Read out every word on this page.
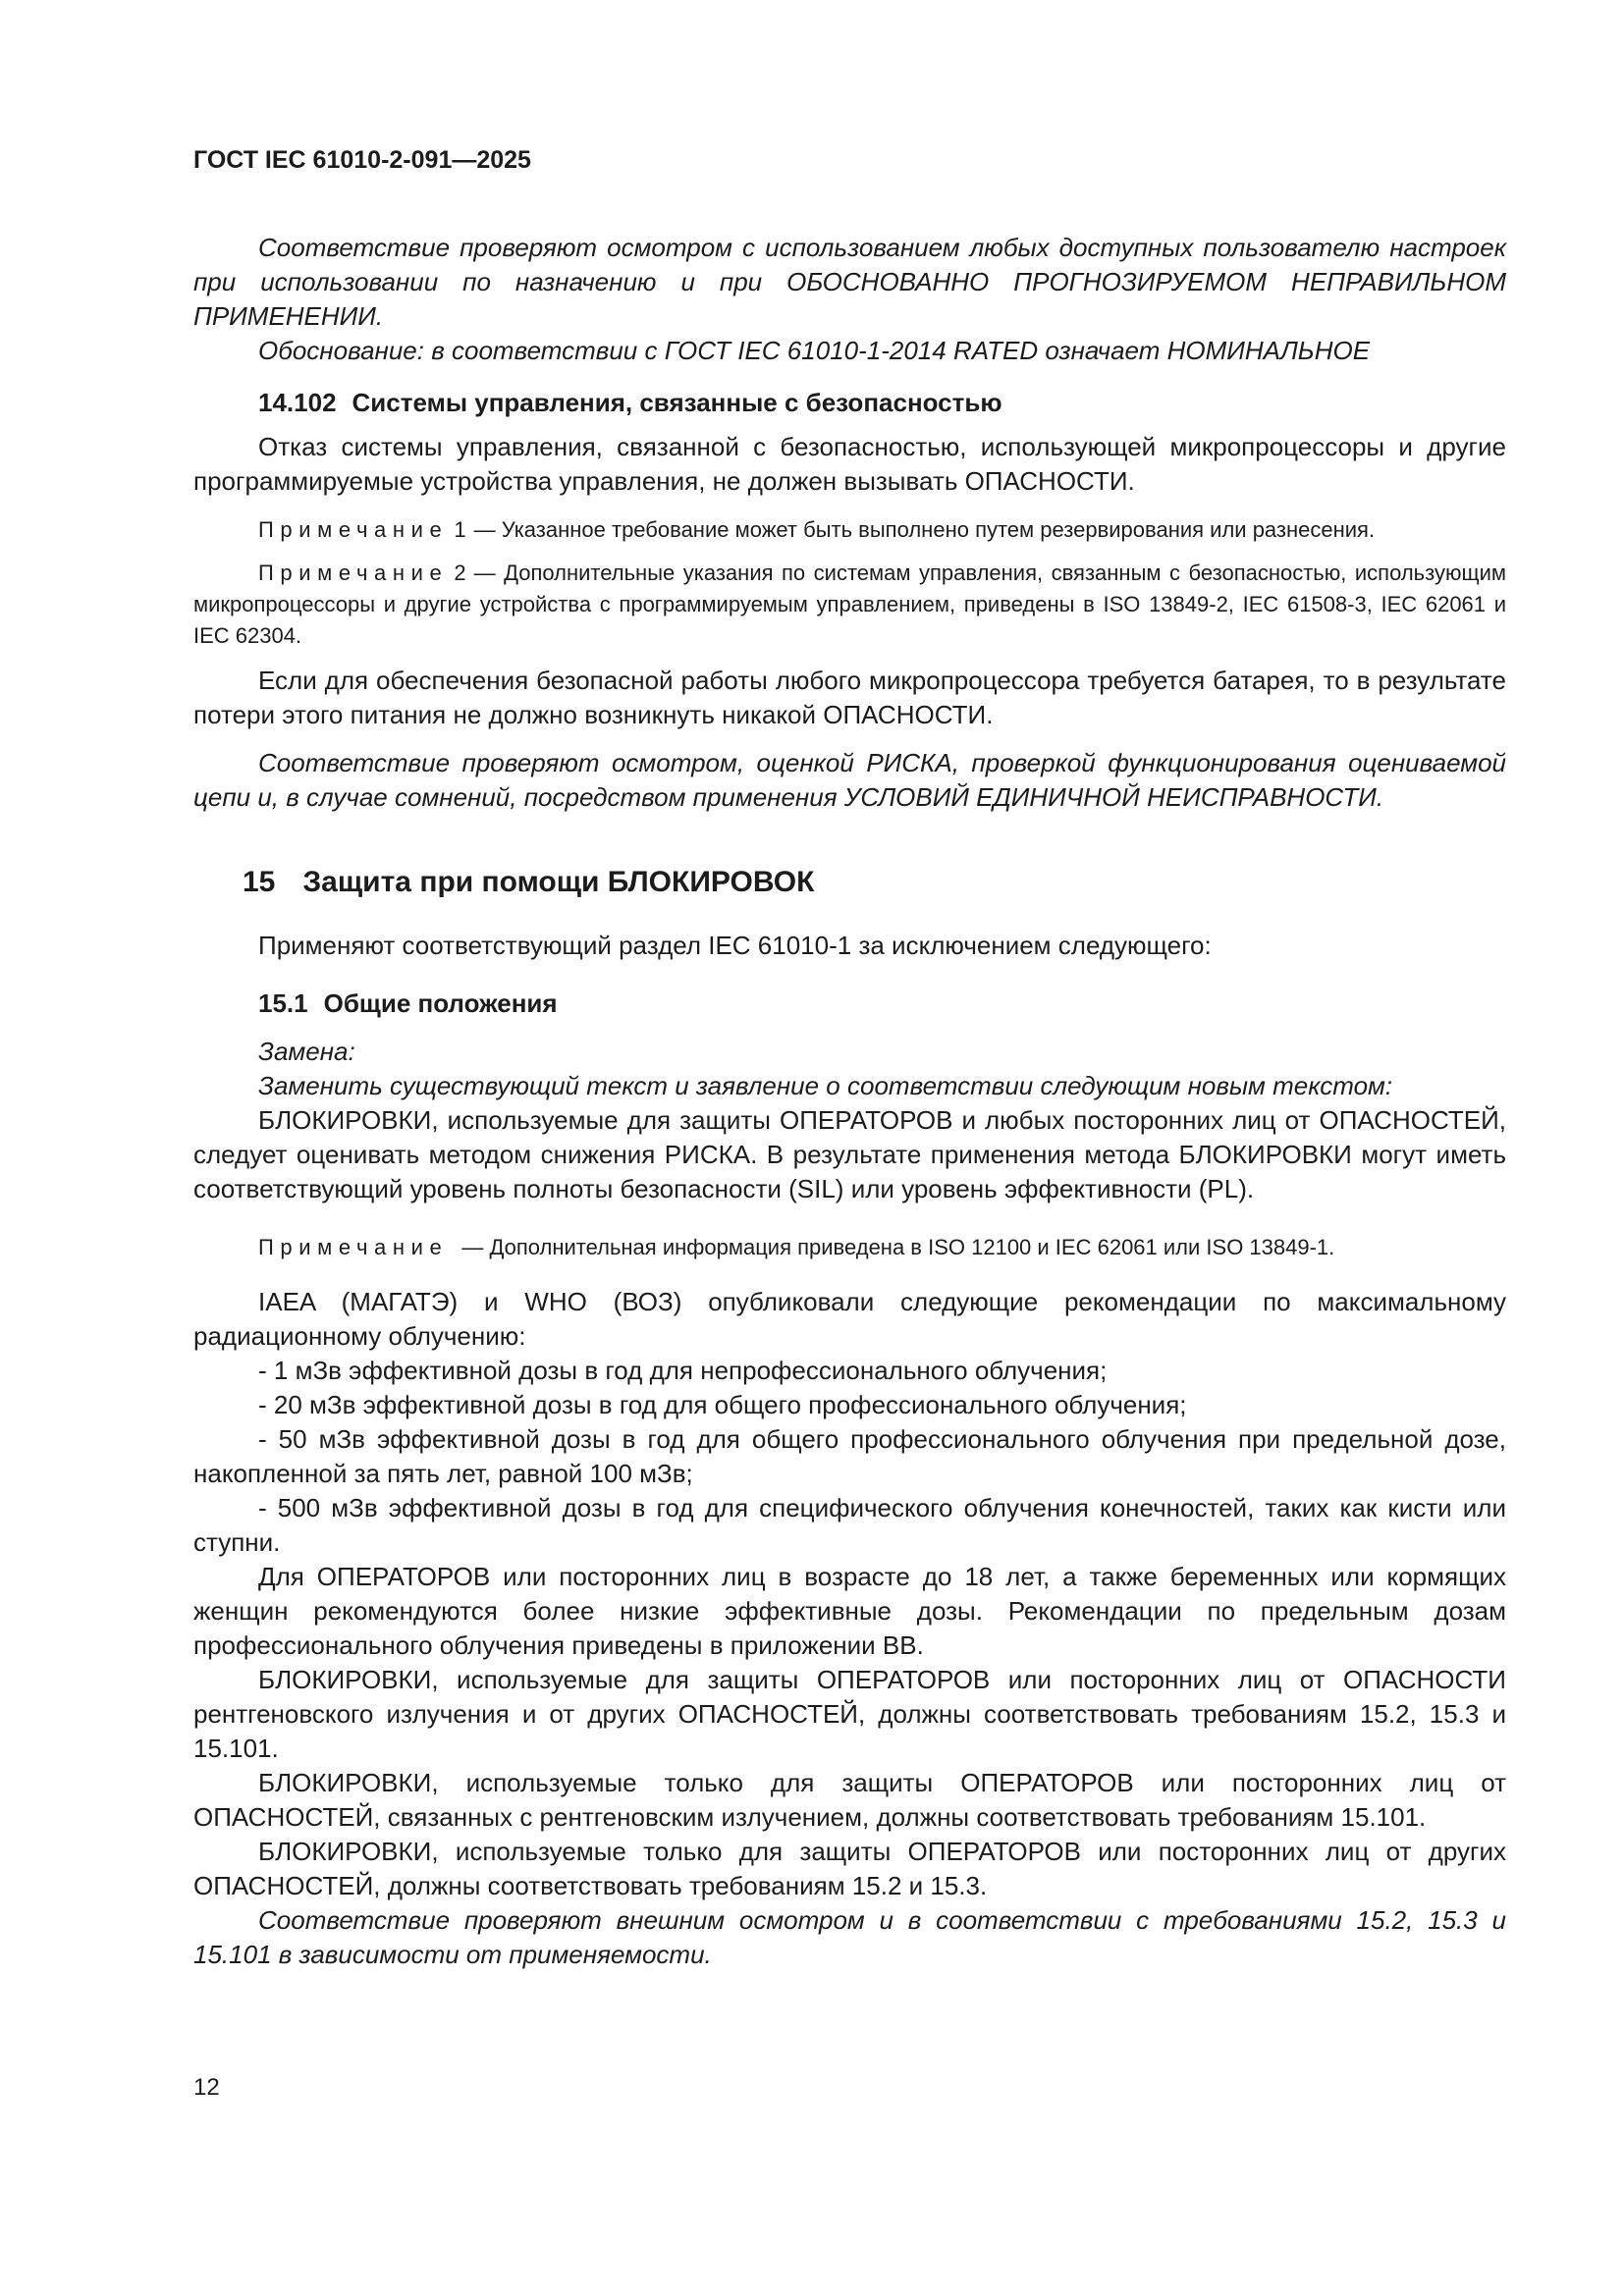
ГОСТ IEC 61010-2-091—2025

Соответствие проверяют осмотром с использованием любых доступных пользователю настроек при использовании по назначению и при ОБОСНОВАННО ПРОГНОЗИРУЕМОМ НЕПРАВИЛЬНОМ ПРИМЕНЕНИИ.

Обоснование: в соответствии с ГОСТ IEC 61010-1-2014 RATED означает НОМИНАЛЬНОЕ

14.102 Системы управления, связанные с безопасностью

Отказ системы управления, связанной с безопасностью, использующей микропроцессоры и другие программируемые устройства управления, не должен вызывать ОПАСНОСТИ.

Примечание 1 — Указанное требование может быть выполнено путем резервирования или разнесения.
Примечание 2 — Дополнительные указания по системам управления, связанным с безопасностью, использующим микропроцессоры и другие устройства с программируемым управлением, приведены в ISO 13849-2, IEC 61508-3, IEC 62061 и IEC 62304.

Если для обеспечения безопасной работы любого микропроцессора требуется батарея, то в результате потери этого питания не должно возникнуть никакой ОПАСНОСТИ.

Соответствие проверяют осмотром, оценкой РИСКА, проверкой функционирования оцениваемой цепи и, в случае сомнений, посредством применения УСЛОВИЙ ЕДИНИЧНОЙ НЕИСПРАВНОСТИ.

15 Защита при помощи БЛОКИРОВОК

Применяют соответствующий раздел IEC 61010-1 за исключением следующего:

15.1 Общие положения

Замена:

Заменить существующий текст и заявление о соответствии следующим новым текстом:

БЛОКИРОВКИ, используемые для защиты ОПЕРАТОРОВ и любых посторонних лиц от ОПАСНОСТЕЙ, следует оценивать методом снижения РИСКА. В результате применения метода БЛОКИРОВКИ могут иметь соответствующий уровень полноты безопасности (SIL) или уровень эффективности (PL).

Примечание — Дополнительная информация приведена в ISO 12100 и IEC 62061 или ISO 13849-1.

IAEA (МАГАТЭ) и WHO (ВОЗ) опубликовали следующие рекомендации по максимальному радиационному облучению:

- 1 мЗв эффективной дозы в год для непрофессионального облучения;

- 20 мЗв эффективной дозы в год для общего профессионального облучения;

- 50 мЗв эффективной дозы в год для общего профессионального облучения при предельной дозе, накопленной за пять лет, равной 100 мЗв;

- 500 мЗв эффективной дозы в год для специфического облучения конечностей, таких как кисти или ступни.

Для ОПЕРАТОРОВ или посторонних лиц в возрасте до 18 лет, а также беременных или кормящих женщин рекомендуются более низкие эффективные дозы. Рекомендации по предельным дозам профессионального облучения приведены в приложении BB.

БЛОКИРОВКИ, используемые для защиты ОПЕРАТОРОВ или посторонних лиц от ОПАСНОСТИ рентгеновского излучения и от других ОПАСНОСТЕЙ, должны соответствовать требованиям 15.2, 15.3 и 15.101.

БЛОКИРОВКИ, используемые только для защиты ОПЕРАТОРОВ или посторонних лиц от ОПАСНОСТЕЙ, связанных с рентгеновским излучением, должны соответствовать требованиям 15.101.

БЛОКИРОВКИ, используемые только для защиты ОПЕРАТОРОВ или посторонних лиц от других ОПАСНОСТЕЙ, должны соответствовать требованиям 15.2 и 15.3.

Соответствие проверяют внешним осмотром и в соответствии с требованиями 15.2, 15.3 и 15.101 в зависимости от применяемости.

12
